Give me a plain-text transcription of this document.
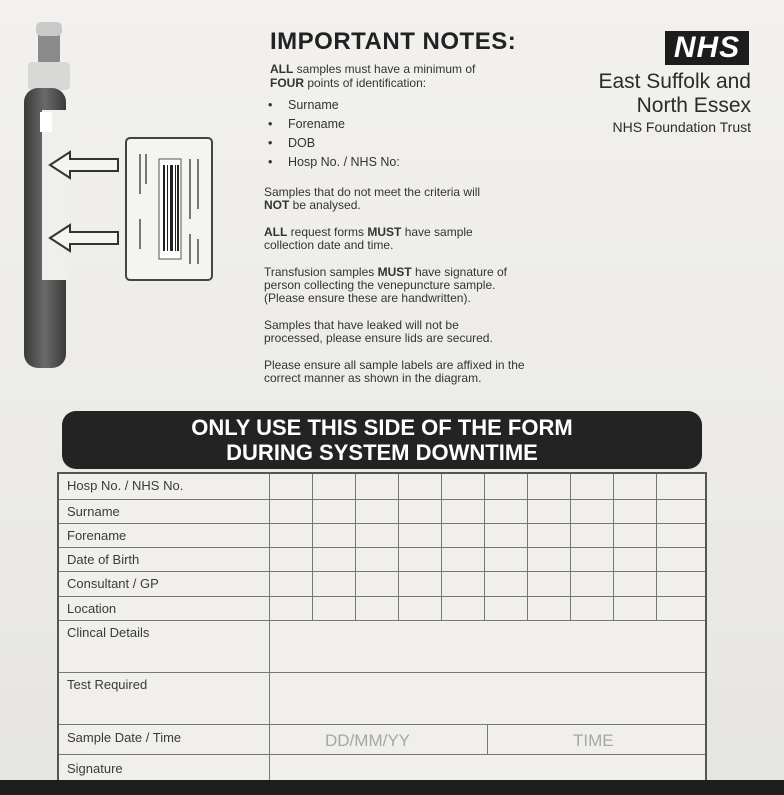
IMPORTANT NOTES:
ALL samples must have a minimum of
FOUR points of identification:
• Surname
• Forename
• DOB
• Hosp No. / NHS No:
Samples that do not meet the criteria will
NOT be analysed.
ALL request forms MUST have sample
collection date and time.
Transfusion samples MUST have signature of
person collecting the venepuncture sample.
(Please ensure these are handwritten).
Samples that have leaked will not be
processed, please ensure lids are secured.
Please ensure all sample labels are affixed in the
correct manner as shown in the diagram.
NHS
East Suffolk and
North Essex
NHS Foundation Trust
ONLY USE THIS SIDE OF THE FORM
DURING SYSTEM DOWNTIME
Hosp No. / NHS No.
Surname
Forename
Date of Birth
Consultant / GP
Location
Clincal Details
Test Required
Sample Date / Time	DD/MM/YY	TIME
Signature
